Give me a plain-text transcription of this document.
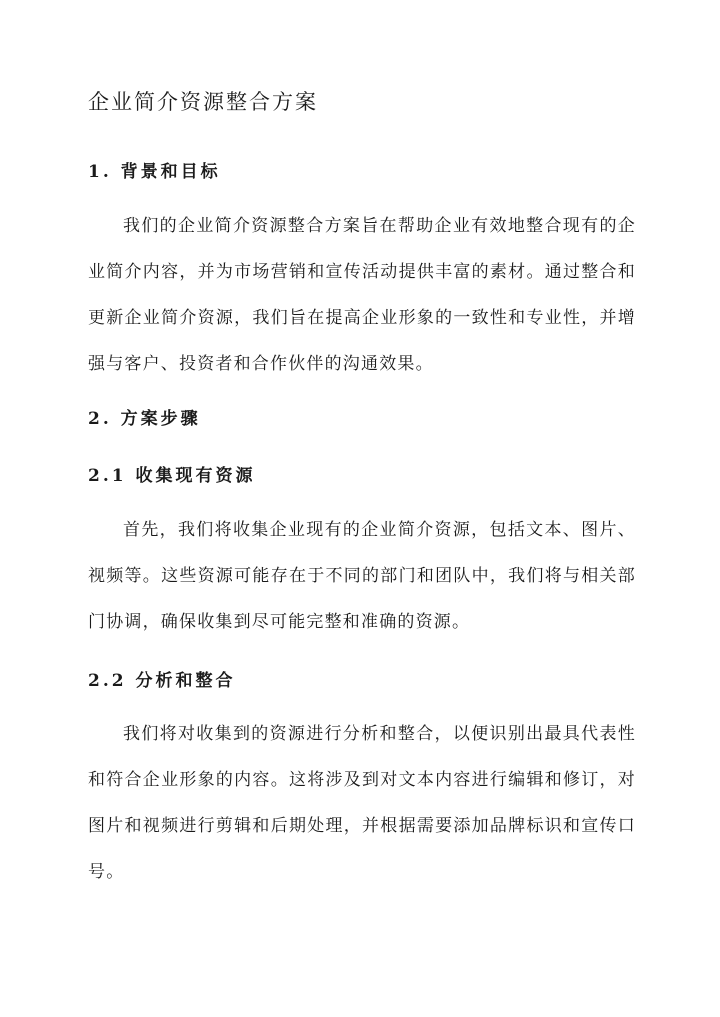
企业简介资源整合方案
1. 背景和目标

我们的企业简介资源整合方案旨在帮助企业有效地整合现有的企业简介内容，并为市场营销和宣传活动提供丰富的素材。通过整合和更新企业简介资源，我们旨在提高企业形象的一致性和专业性，并增强与客户、投资者和合作伙伴的沟通效果。

2. 方案步骤
2.1 收集现有资源

首先，我们将收集企业现有的企业简介资源，包括文本、图片、视频等。这些资源可能存在于不同的部门和团队中，我们将与相关部门协调，确保收集到尽可能完整和准确的资源。

2.2 分析和整合

我们将对收集到的资源进行分析和整合，以便识别出最具代表性和符合企业形象的内容。这将涉及到对文本内容进行编辑和修订，对图片和视频进行剪辑和后期处理，并根据需要添加品牌标识和宣传口号。
